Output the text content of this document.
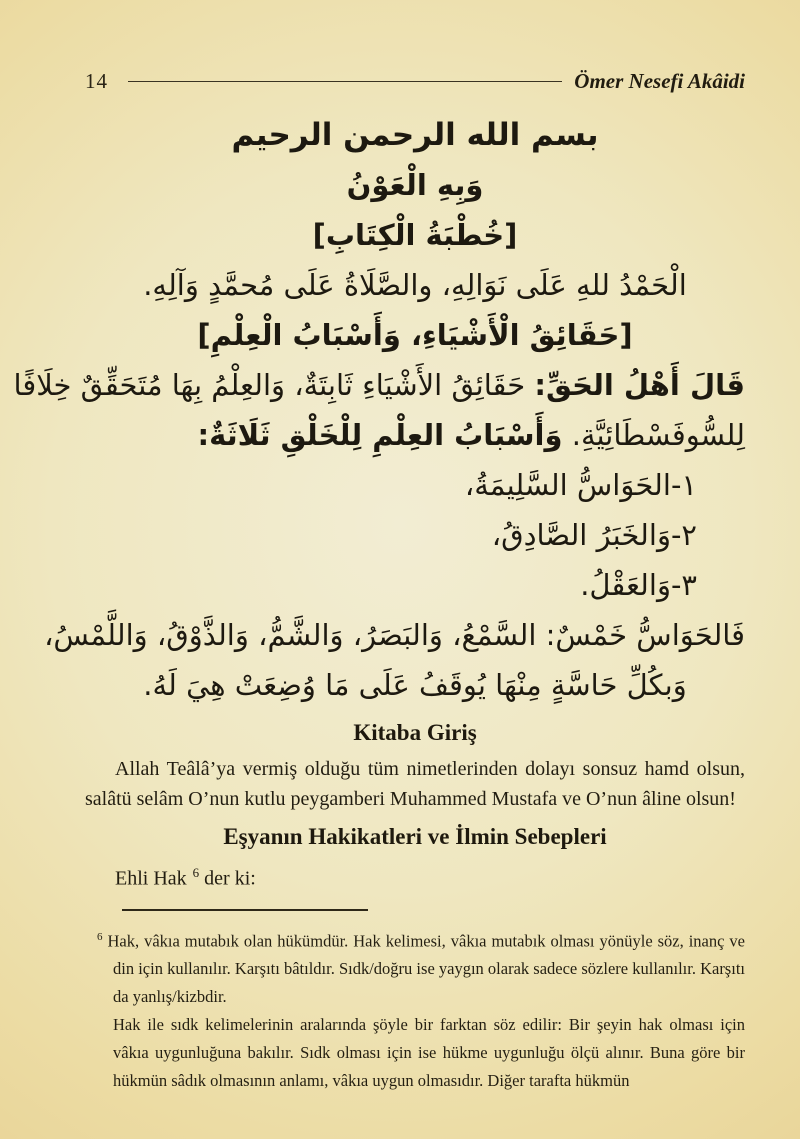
14	Ömer Nesefi Akâidi
بسم الله الرحمن الرحيم
وَبِهِ الْعَوْنُ
[خُطْبَةُ الْكِتَابِ]
الْحَمْدُ للهِ عَلَى نَوَالِهِ، والصَّلَاةُ عَلَى مُحمَّدٍ وَآلِهِ.
[حَقَائِقُ الْأَشْيَاءِ، وَأَسْبَابُ الْعِلْمِ]
قَالَ أَهْلُ الحَقِّ: حَقَائِقُ الأَشْيَاءِ ثَابِتَةٌ، وَالعِلْمُ بِهَا مُتَحَقِّقٌ خِلَافًا
لِلسُّوفَسْطَائِيَّةِ. وَأَسْبَابُ العِلْمِ لِلْخَلْقِ ثَلَاثَةٌ:
١-الحَوَاسُّ السَّلِيمَةُ،
٢-وَالخَبَرُ الصَّادِقُ،
٣-وَالعَقْلُ.
فَالحَوَاسُّ خَمْسٌ: السَّمْعُ، وَالبَصَرُ، وَالشَّمُّ، وَالذَّوْقُ، وَاللَّمْسُ،
وَبكُلِّ حَاسَّةٍ مِنْهَا يُوقَفُ عَلَى مَا وُضِعَتْ هِيَ لَهُ.
Kitaba Giriş

Allah Teâlâ’ya vermiş olduğu tüm nimetlerinden dolayı sonsuz hamd olsun, salâtü selâm O’nun kutlu peygamberi Muhammed Mustafa ve O’nun âline olsun!

Eşyanın Hakikatleri ve İlmin Sebepleri
Ehli Hak $^6$ der ki:

$^6$ Hak, vâkıa mutabık olan hükümdür. Hak kelimesi, vâkıa mutabık olması yönüyle söz, inanç ve din için kullanılır. Karşıtı bâtıldır. Sıdk/doğru ise yaygın olarak sadece sözlere kullanılır. Karşıtı da yanlış/kizbdir.

Hak ile sıdk kelimelerinin aralarında şöyle bir farktan söz edilir: Bir şeyin hak olması için vâkıa uygunluğuna bakılır. Sıdk olması için ise hükme uygunluğu ölçü alınır. Buna göre bir hükmün sâdık olmasının anlamı, vâkıa uygun olmasıdır. Diğer tarafta hükmün
